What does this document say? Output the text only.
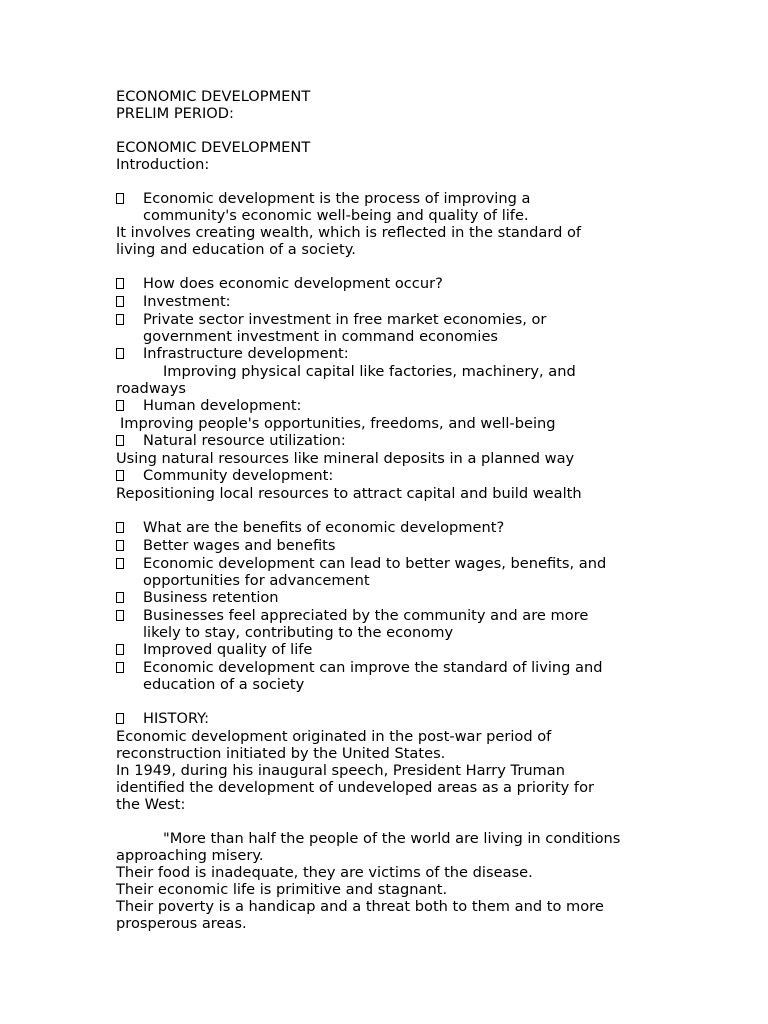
ECONOMIC DEVELOPMENT
PRELIM PERIOD:
ECONOMIC DEVELOPMENT
Introduction:
Economic development is the process of improving a
community's economic well-being and quality of life.
It involves creating wealth, which is reflected in the standard of
living and education of a society.
How does economic development occur?
Investment:
Private sector investment in free market economies, or
government investment in command economies
Infrastructure development:
Improving physical capital like factories, machinery, and
roadways
Human development:
Improving people's opportunities, freedoms, and well-being
Natural resource utilization:
Using natural resources like mineral deposits in a planned way
Community development:
Repositioning local resources to attract capital and build wealth
What are the benefits of economic development?
Better wages and benefits
Economic development can lead to better wages, benefits, and
opportunities for advancement
Business retention
Businesses feel appreciated by the community and are more
likely to stay, contributing to the economy
Improved quality of life
Economic development can improve the standard of living and
education of a society
HISTORY:
Economic development originated in the post-war period of
reconstruction initiated by the United States.
In 1949, during his inaugural speech, President Harry Truman
identified the development of undeveloped areas as a priority for
the West:
"More than half the people of the world are living in conditions
approaching misery.
Their food is inadequate, they are victims of the disease.
Their economic life is primitive and stagnant.
Their poverty is a handicap and a threat both to them and to more
prosperous areas.
